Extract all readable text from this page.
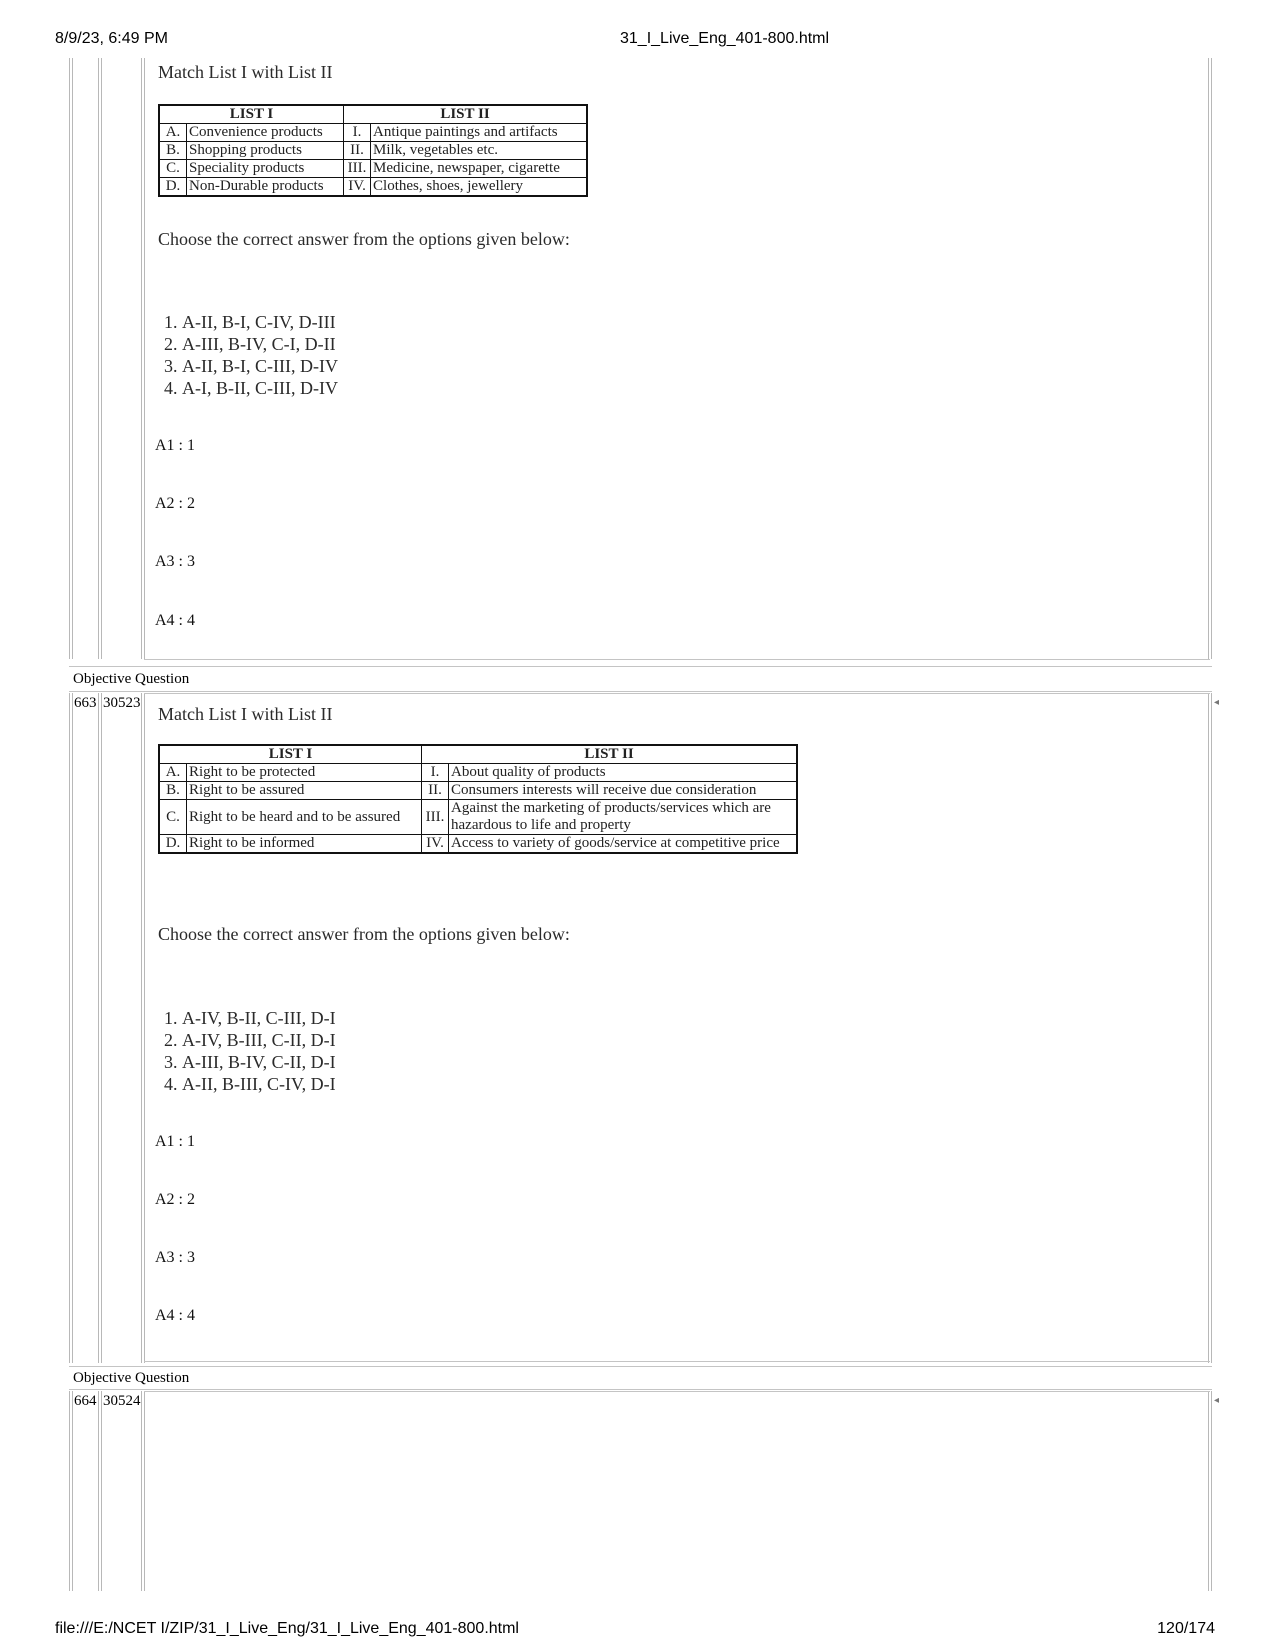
8/9/23, 6:49 PM	31_I_Live_Eng_401-800.html
Match List I with List II
LIST I		LIST II	
A.	Convenience products	I.	Antique paintings and artifacts
B.	Shopping products	II.	Milk, vegetables etc.
C.	Speciality products	III.	Medicine, newspaper, cigarette
D.	Non-Durable products	IV.	Clothes, shoes, jewellery
Choose the correct answer from the options given below:
1. A-II, B-I, C-IV, D-III
2. A-III, B-IV, C-I, D-II
3. A-II, B-I, C-III, D-IV
4. A-I, B-II, C-III, D-IV
A1 : 1
A2 : 2
A3 : 3
A4 : 4
Objective Question
663 30523	◂
Match List I with List II
LIST I		LIST II	
A.	Right to be protected	I.	About quality of products
B.	Right to be assured	II.	Consumers interests will receive due consideration
C.	Right to be heard and to be assured	III.	Against the marketing of products/services which are hazardous to life and property
D.	Right to be informed	IV.	Access to variety of goods/service at competitive price
Choose the correct answer from the options given below:
1. A-IV, B-II, C-III, D-I
2. A-IV, B-III, C-II, D-I
3. A-III, B-IV, C-II, D-I
4. A-II, B-III, C-IV, D-I
A1 : 1
A2 : 2
A3 : 3
A4 : 4
Objective Question
664 30524	◂
file:///E:/NCET I/ZIP/31_I_Live_Eng/31_I_Live_Eng_401-800.html	120/174
